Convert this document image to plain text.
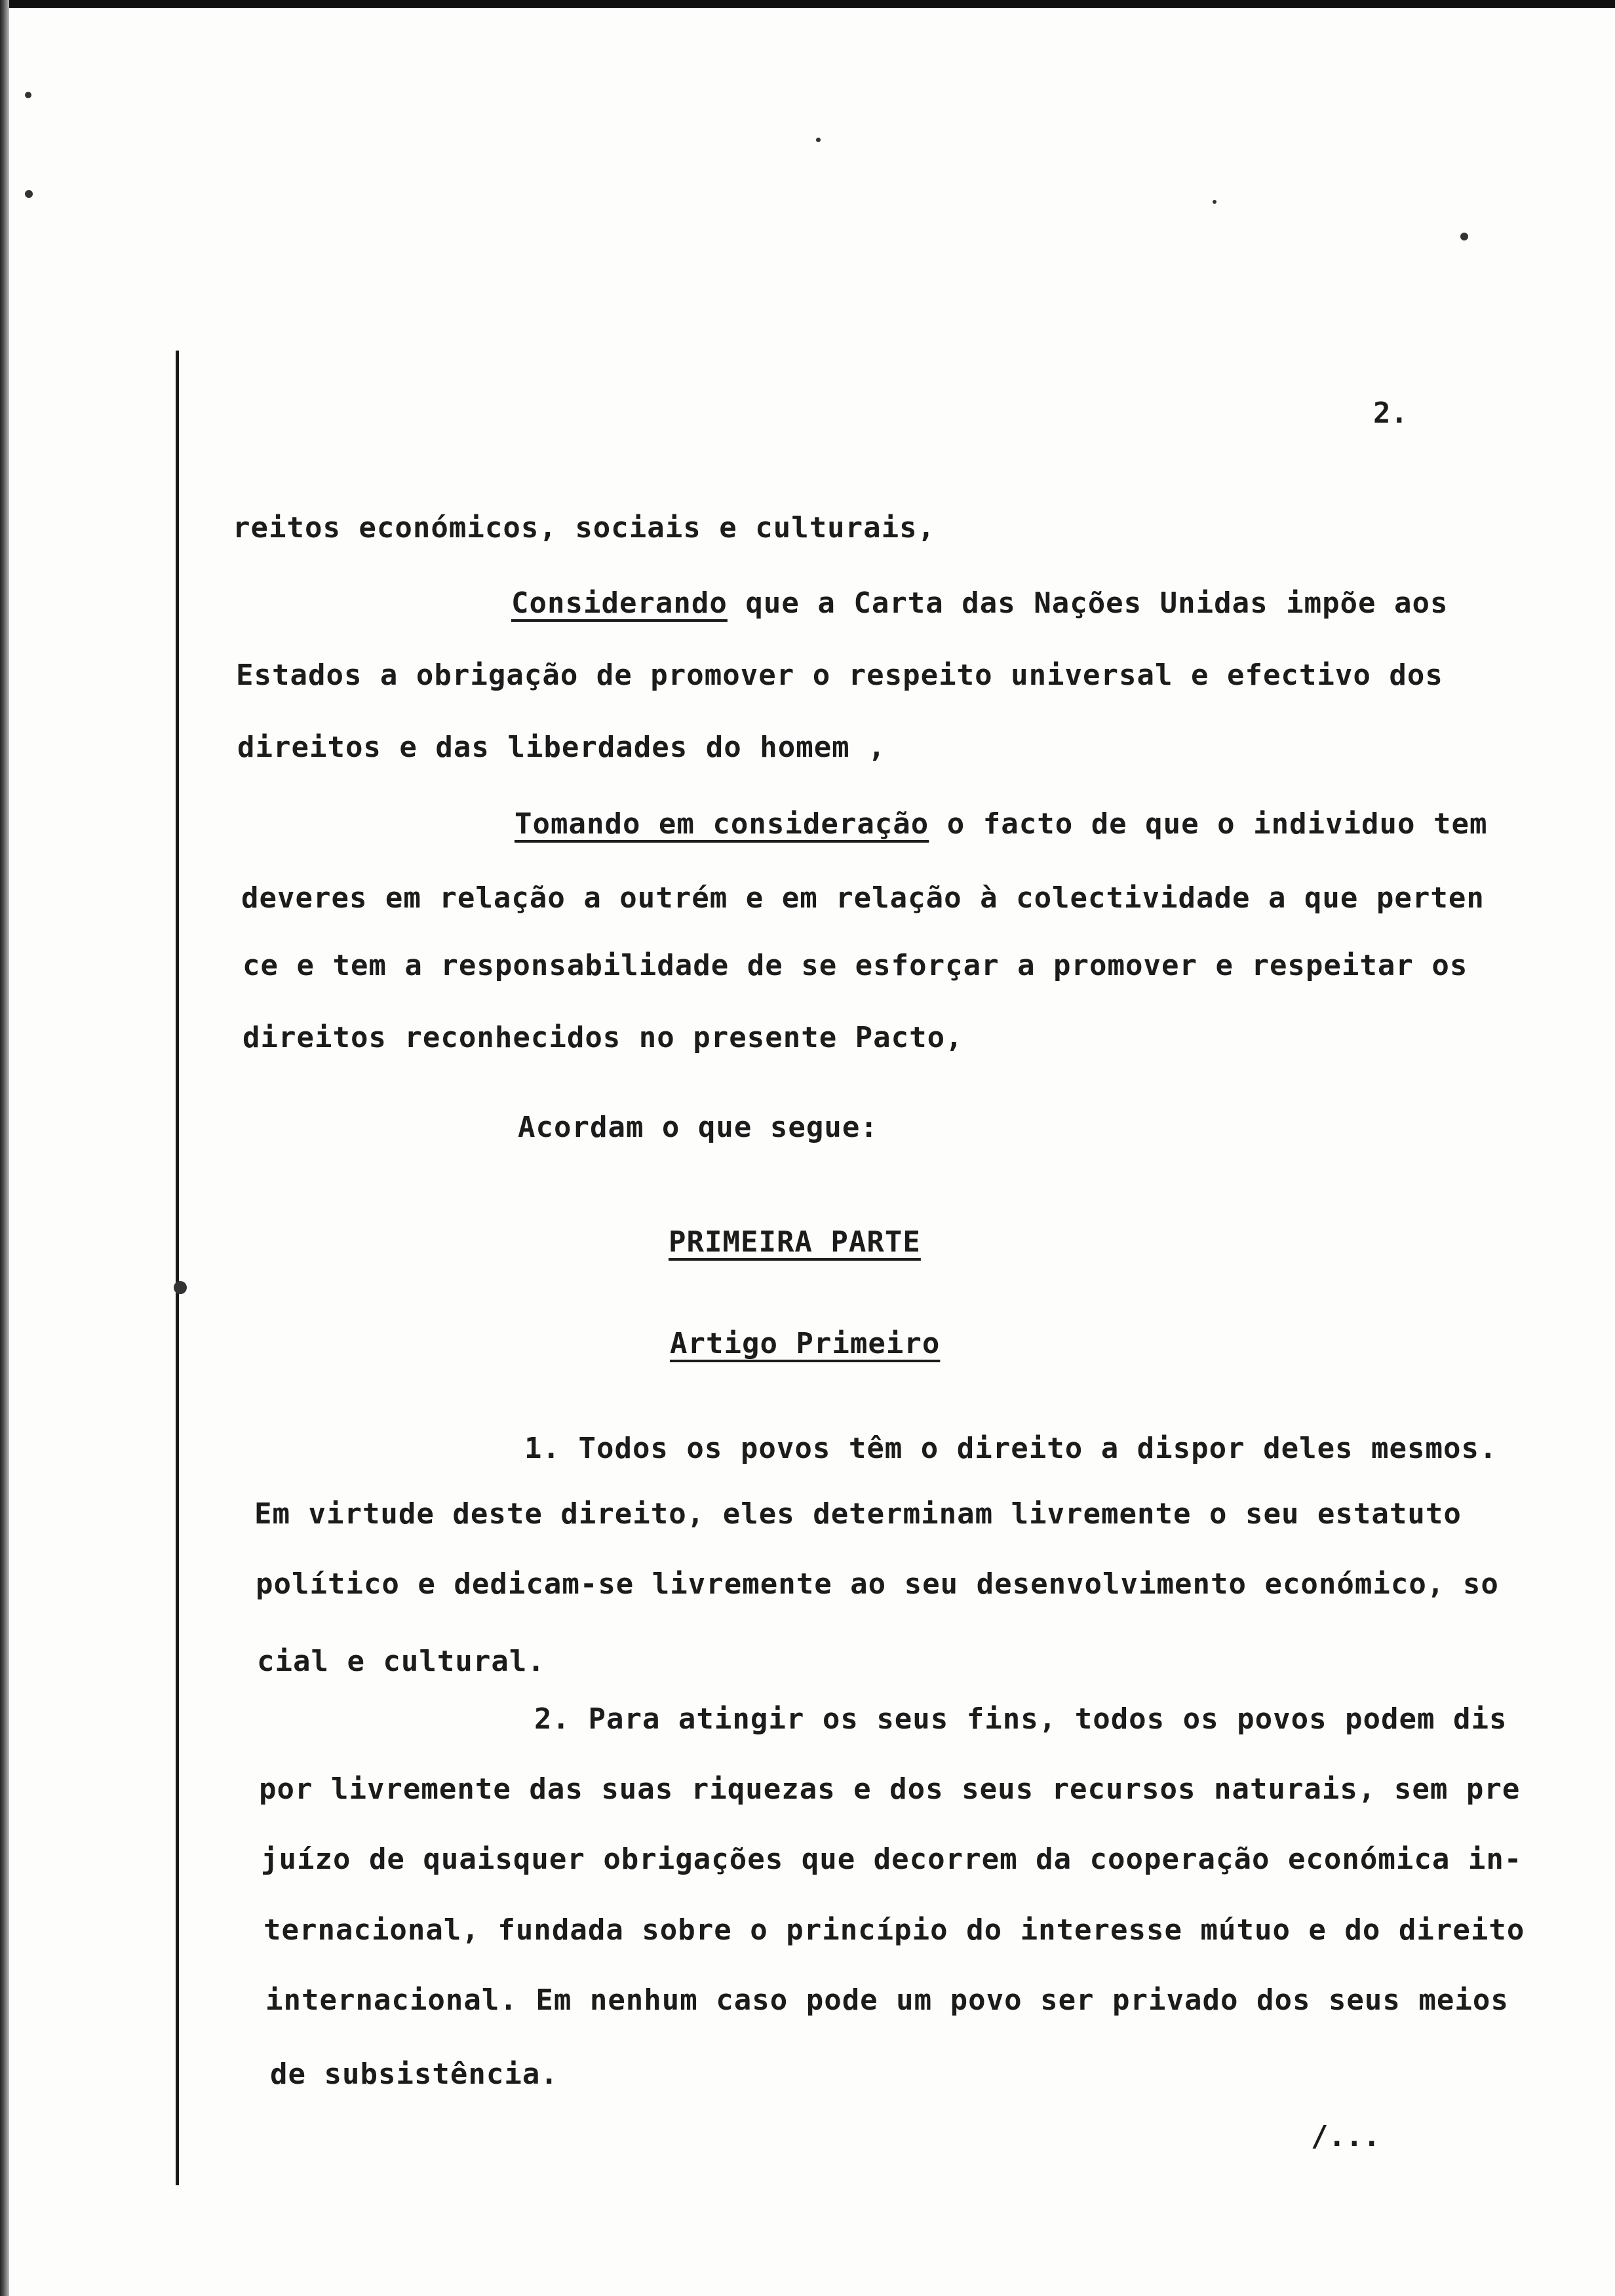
2.
reitos económicos, sociais e culturais,
Considerando que a Carta das Nações Unidas impõe aos
Estados a obrigação de promover o respeito universal e efectivo dos
direitos e das liberdades do homem ,
Tomando em consideração o facto de que o individuo tem
deveres em relação a outrém e em relação à colectividade a que perten
ce e tem a responsabilidade de se esforçar a promover e respeitar os
direitos reconhecidos no presente Pacto,
Acordam o que segue:
PRIMEIRA PARTE
Artigo Primeiro
1. Todos os povos têm o direito a dispor deles mesmos.
Em virtude deste direito, eles determinam livremente o seu estatuto
político e dedicam-se livremente ao seu desenvolvimento económico, so
cial e cultural.
2. Para atingir os seus fins, todos os povos podem dis
por livremente das suas riquezas e dos seus recursos naturais, sem pre
juízo de quaisquer obrigações que decorrem da cooperação económica in-
ternacional, fundada sobre o princípio do interesse mútuo e do direito
internacional. Em nenhum caso pode um povo ser privado dos seus meios
de subsistência.
/...
